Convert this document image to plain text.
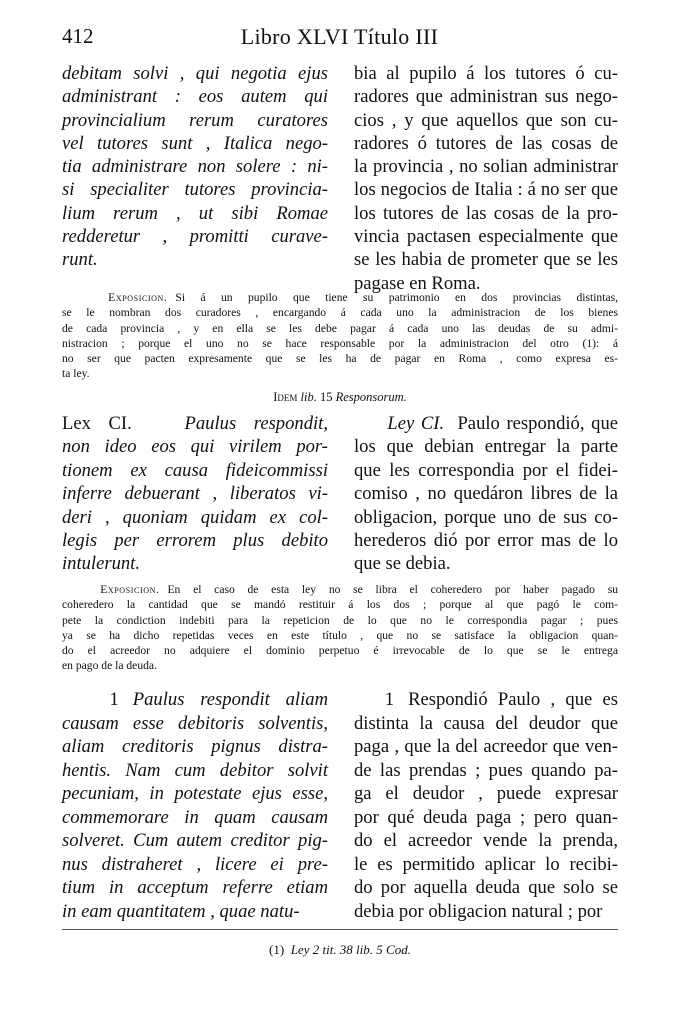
412	Libro XLVI Título III
debitam solvi , qui negotia ejus
administrant : eos autem qui
provincialium rerum curatores
vel tutores sunt , Italica nego-
tia administrare non solere : ni-
si specialiter tutores provincia-
lium rerum , ut sibi Romae
redderetur , promitti curave-
runt.
bia al pupilo á los tutores ó cu-
radores que administran sus nego-
cios , y que aquellos que son cu-
radores ó tutores de las cosas de
la provincia , no solian administrar
los negocios de Italia : á no ser que
los tutores de las cosas de la pro-
vincia pactasen especialmente que
se les habia de prometer que se les
pagase en Roma.
Exposicion. Si á un pupilo que tiene su patrimonio en dos provincias distintas,
se le nombran dos curadores , encargando á cada uno la administracion de los bienes
de cada provincia , y en ella se les debe pagar á cada uno las deudas de su admi-
nistracion ; porque el uno no se hace responsable por la administracion del otro (1): á
no ser que pacten expresamente que se les ha de pagar en Roma , como expresa es-
ta ley.
Idem lib. 15 Responsorum.
Lex CI.	Paulus respondit,
non ideo eos qui virilem por-
tionem ex causa fideicommissi
inferre debuerant , liberatos vi-
deri , quoniam quidam ex col-
legis per errorem plus debito
intulerunt.
Ley CI. Paulo respondió, que
los que debian entregar la parte
que les correspondia por el fidei-
comiso , no quedáron libres de la
obligacion, porque uno de sus co-
herederos dió por error mas de lo
que se debia.
Exposicion. En el caso de esta ley no se libra el coheredero por haber pagado su
coheredero la cantidad que se mandó restituir á los dos ; porque al que pagó le com-
pete la condiction indebiti para la repeticion de lo que no le correspondia pagar ; pues
ya se ha dicho repetidas veces en este título , que no se satisface la obligacion quan-
do el acreedor no adquiere el dominio perpetuo é irrevocable de lo que se le entrega
en pago de la deuda.
1 Paulus respondit aliam
causam esse debitoris solventis,
aliam creditoris pignus distra-
hentis. Nam cum debitor solvit
pecuniam, in potestate ejus esse,
commemorare in quam causam
solveret. Cum autem creditor pig-
nus distraheret , licere ei pre-
tium in acceptum referre etiam
in eam quantitatem , quae natu-
1 Respondió Paulo , que es
distinta la causa del deudor que
paga , que la del acreedor que ven-
de las prendas ; pues quando pa-
ga el deudor , puede expresar
por qué deuda paga ; pero quan-
do el acreedor vende la prenda,
le es permitido aplicar lo recibi-
do por aquella deuda que solo se
debia por obligacion natural ; por
(1) Ley 2 tit. 38 lib. 5 Cod.
